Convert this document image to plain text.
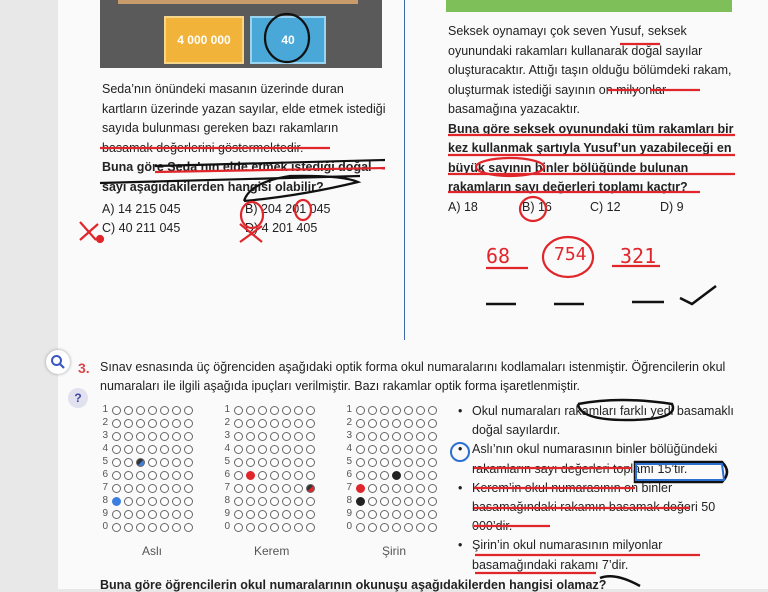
4 000 000	40
Seda’nın önündeki masanın üzerinde duran kartların üzerinde yazan sayılar, elde etmek istediği sayıda bulunması gereken bazı rakamların basamak değerlerini göstermektedir.
Buna göre Seda’nın elde etmek istediği doğal sayı aşağıdakilerden hangisi olabilir?
A) 14 215 045	B) 204 201 045
C) 40 211 045	D) 4 201 405
Seksek oynamayı çok seven Yusuf, seksek oyunundaki rakamları kullanarak doğal sayılar oluşturacaktır. Attığı taşın olduğu bölümdeki rakam, oluşturmak istediği sayının on milyonlar basamağına yazacaktır.
Buna göre seksek oyunundaki tüm rakamları bir kez kullanmak şartıyla Yusuf’un yazabileceği en büyük sayının binler bölüğünde bulunan rakamların sayı değerleri toplamı kaçtır?
A) 18	B) 16	C) 12	D) 9
68 754 321
?
3. Sınav esnasında üç öğrenciden aşağıdaki optik forma okul numaralarını kodlamaları istenmiştir. Öğrencilerin okul numaraları ile ilgili aşağıda ipuçları verilmiştir. Bazı rakamlar optik forma işaretlenmiştir.
1
2
3
4
5
6
7
8
9
0
1
2
3
4
5
6
7
8
9
0
1
2
3
4
5
6
7
8
9
0
Aslı	Kerem	Şirin
• Okul numaraları rakamları farklı yedi basamaklı doğal sayılardır.
• Aslı’nın okul numarasının binler bölüğündeki rakamların sayı değerleri toplamı 15’tir.
• Kerem’in okul numarasının on binler basamağındaki rakamın basamak değeri 50 000’dir.
• Şirin’in okul numarasının milyonlar basamağındaki rakamı 7’dir.
Buna göre öğrencilerin okul numaralarının okunuşu aşağıdakilerden hangisi olamaz?
